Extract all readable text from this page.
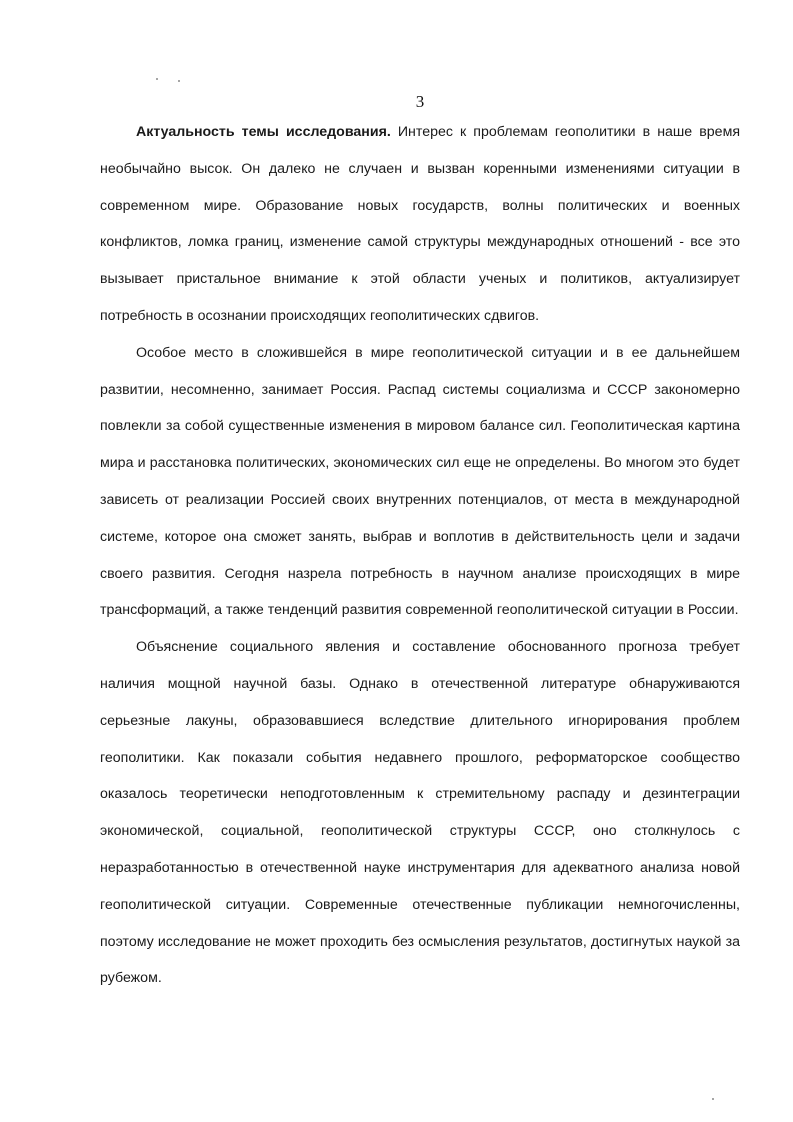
3

Актуальность темы исследования. Интерес к проблемам геополитики в наше время необычайно высок. Он далеко не случаен и вызван коренными изменениями ситуации в современном мире. Образование новых государств, волны политических и военных конфликтов, ломка границ, изменение самой структуры международных отношений - все это вызывает пристальное внимание к этой области ученых и политиков, актуализирует потребность в осознании происходящих геополитических сдвигов.

Особое место в сложившейся в мире геополитической ситуации и в ее дальнейшем развитии, несомненно, занимает Россия. Распад системы социализма и СССР закономерно повлекли за собой существенные изменения в мировом балансе сил. Геополитическая картина мира и расстановка политических, экономических сил еще не определены. Во многом это будет зависеть от реализации Россией своих внутренних потенциалов, от места в международной системе, которое она сможет занять, выбрав и воплотив в действительность цели и задачи своего развития. Сегодня назрела потребность в научном анализе происходящих в мире трансформаций, а также тенденций развития современной геополитической ситуации в России.

Объяснение социального явления и составление обоснованного прогноза требует наличия мощной научной базы. Однако в отечественной литературе обнаруживаются серьезные лакуны, образовавшиеся вследствие длительного игнорирования проблем геополитики. Как показали события недавнего прошлого, реформаторское сообщество оказалось теоретически неподготовленным к стремительному распаду и дезинтеграции экономической, социальной, геополитической структуры СССР, оно столкнулось с неразработанностью в отечественной науке инструментария для адекватного анализа новой геополитической ситуации. Современные отечественные публикации немногочисленны, поэтому исследование не может проходить без осмысления результатов, достигнутых наукой за рубежом.
